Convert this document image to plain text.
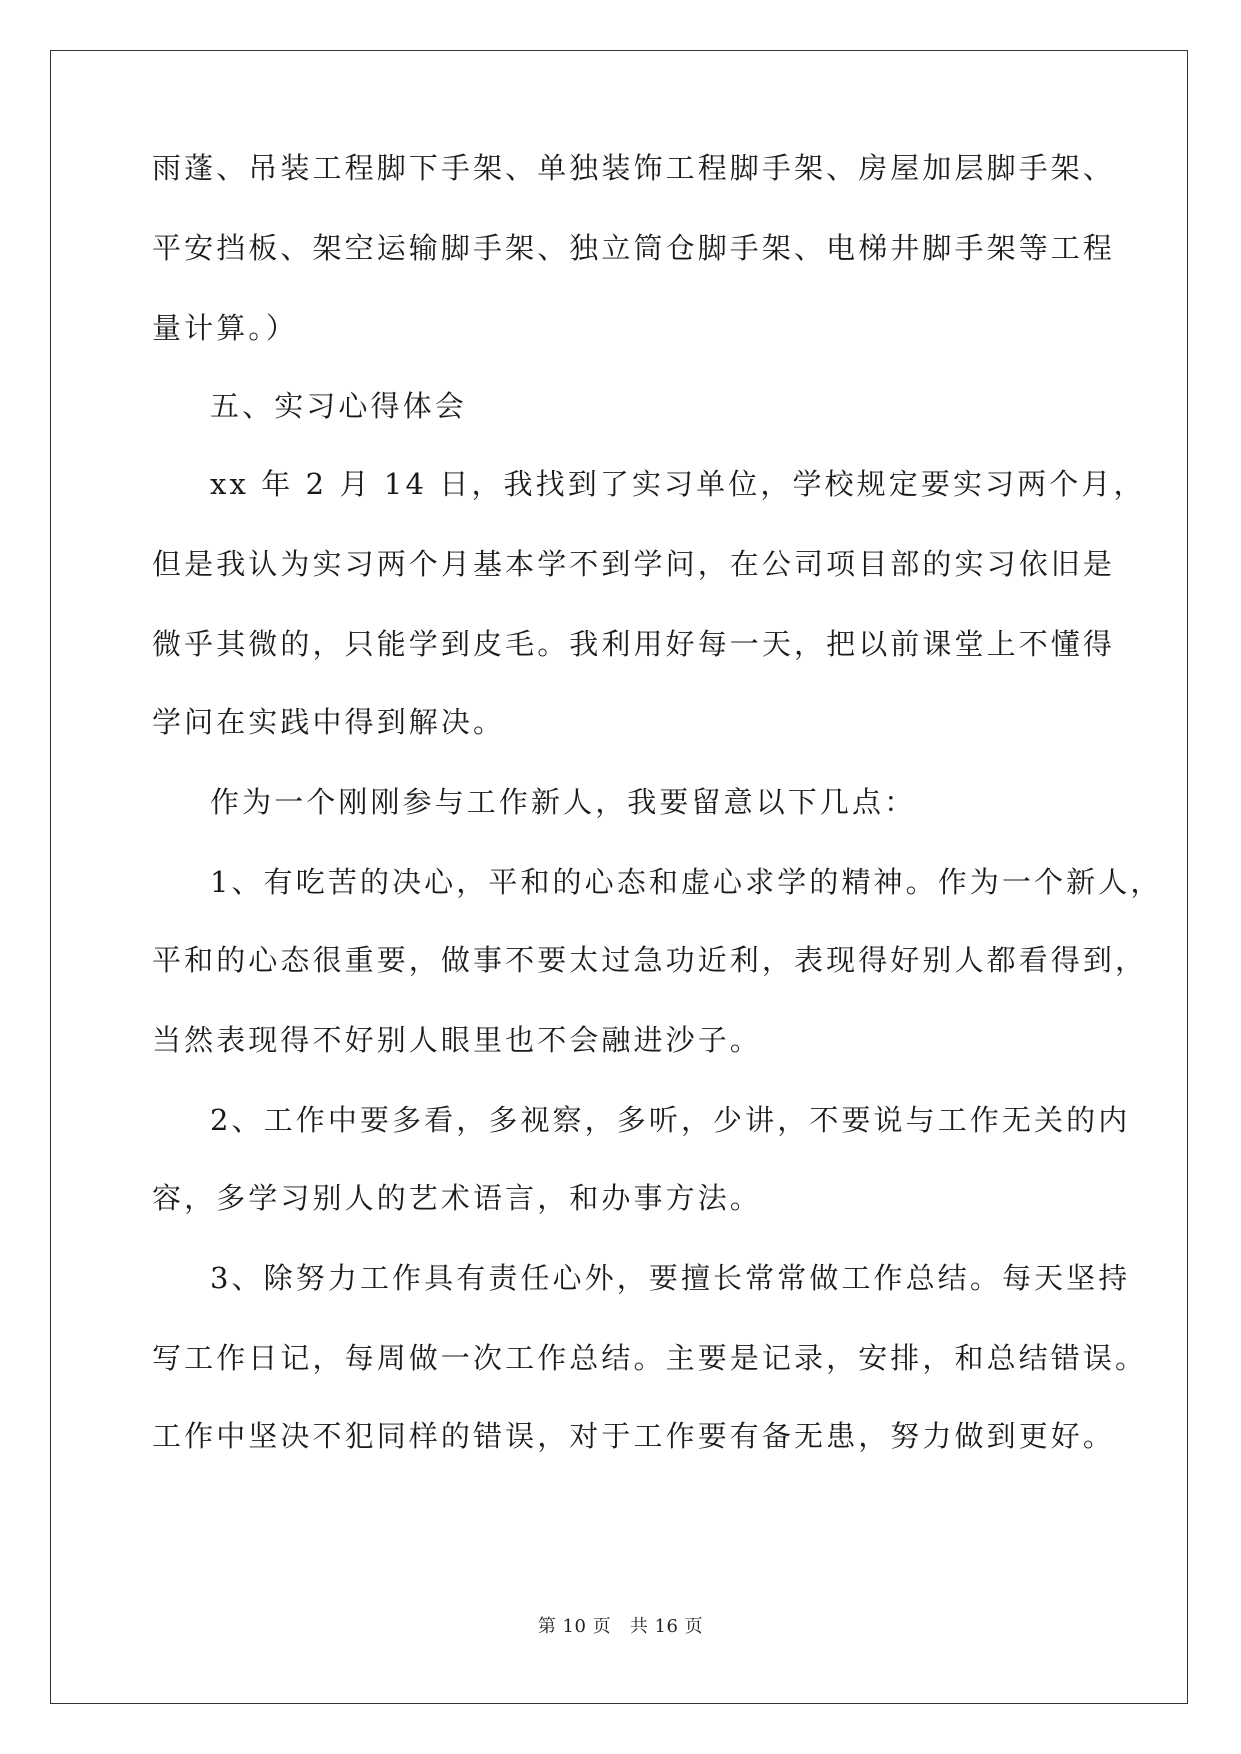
雨蓬、吊装工程脚下手架、单独装饰工程脚手架、房屋加层脚手架、
平安挡板、架空运输脚手架、独立筒仓脚手架、电梯井脚手架等工程
量计算。）
五、实习心得体会
xx 年 2 月 14 日，我找到了实习单位，学校规定要实习两个月，
但是我认为实习两个月基本学不到学问，在公司项目部的实习依旧是
微乎其微的，只能学到皮毛。我利用好每一天，把以前课堂上不懂得
学问在实践中得到解决。
作为一个刚刚参与工作新人，我要留意以下几点：
1、有吃苦的决心，平和的心态和虚心求学的精神。作为一个新人，
平和的心态很重要，做事不要太过急功近利，表现得好别人都看得到，
当然表现得不好别人眼里也不会融进沙子。
2、工作中要多看，多视察，多听，少讲，不要说与工作无关的内
容，多学习别人的艺术语言，和办事方法。
3、除努力工作具有责任心外，要擅长常常做工作总结。每天坚持
写工作日记，每周做一次工作总结。主要是记录，安排，和总结错误。
工作中坚决不犯同样的错误，对于工作要有备无患，努力做到更好。
第 10 页   共 16 页
